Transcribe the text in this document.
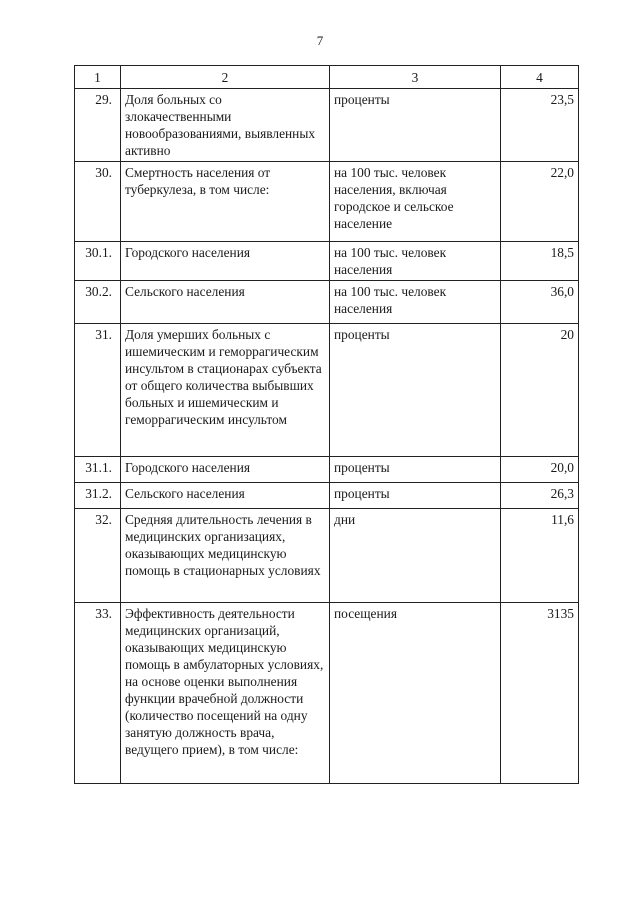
7
1	2	3	4
29.	Доля больных со злокачественными новообразованиями, выявленных активно	проценты	23,5
30.	Смертность населения от туберкулеза, в том числе:	на 100 тыс. человек населения, включая городское и сельское население	22,0
30.1.	Городского населения	на 100 тыс. человек населения	18,5
30.2.	Сельского населения	на 100 тыс. человек населения	36,0
31.	Доля умерших больных с ишемическим и геморрагическим инсультом в стационарах субъекта от общего количества выбывших больных и ишемическим и геморрагическим инсультом	проценты	20
31.1.	Городского населения	проценты	20,0
31.2.	Сельского населения	проценты	26,3
32.	Средняя длительность лечения в медицинских организациях, оказывающих медицинскую помощь в стационарных условиях	дни	11,6
33.	Эффективность деятельности медицинских организаций, оказывающих медицинскую помощь в амбулаторных условиях, на основе оценки выполнения функции врачебной должности (количество посещений на одну занятую должность врача, ведущего прием), в том числе:	посещения	3135
